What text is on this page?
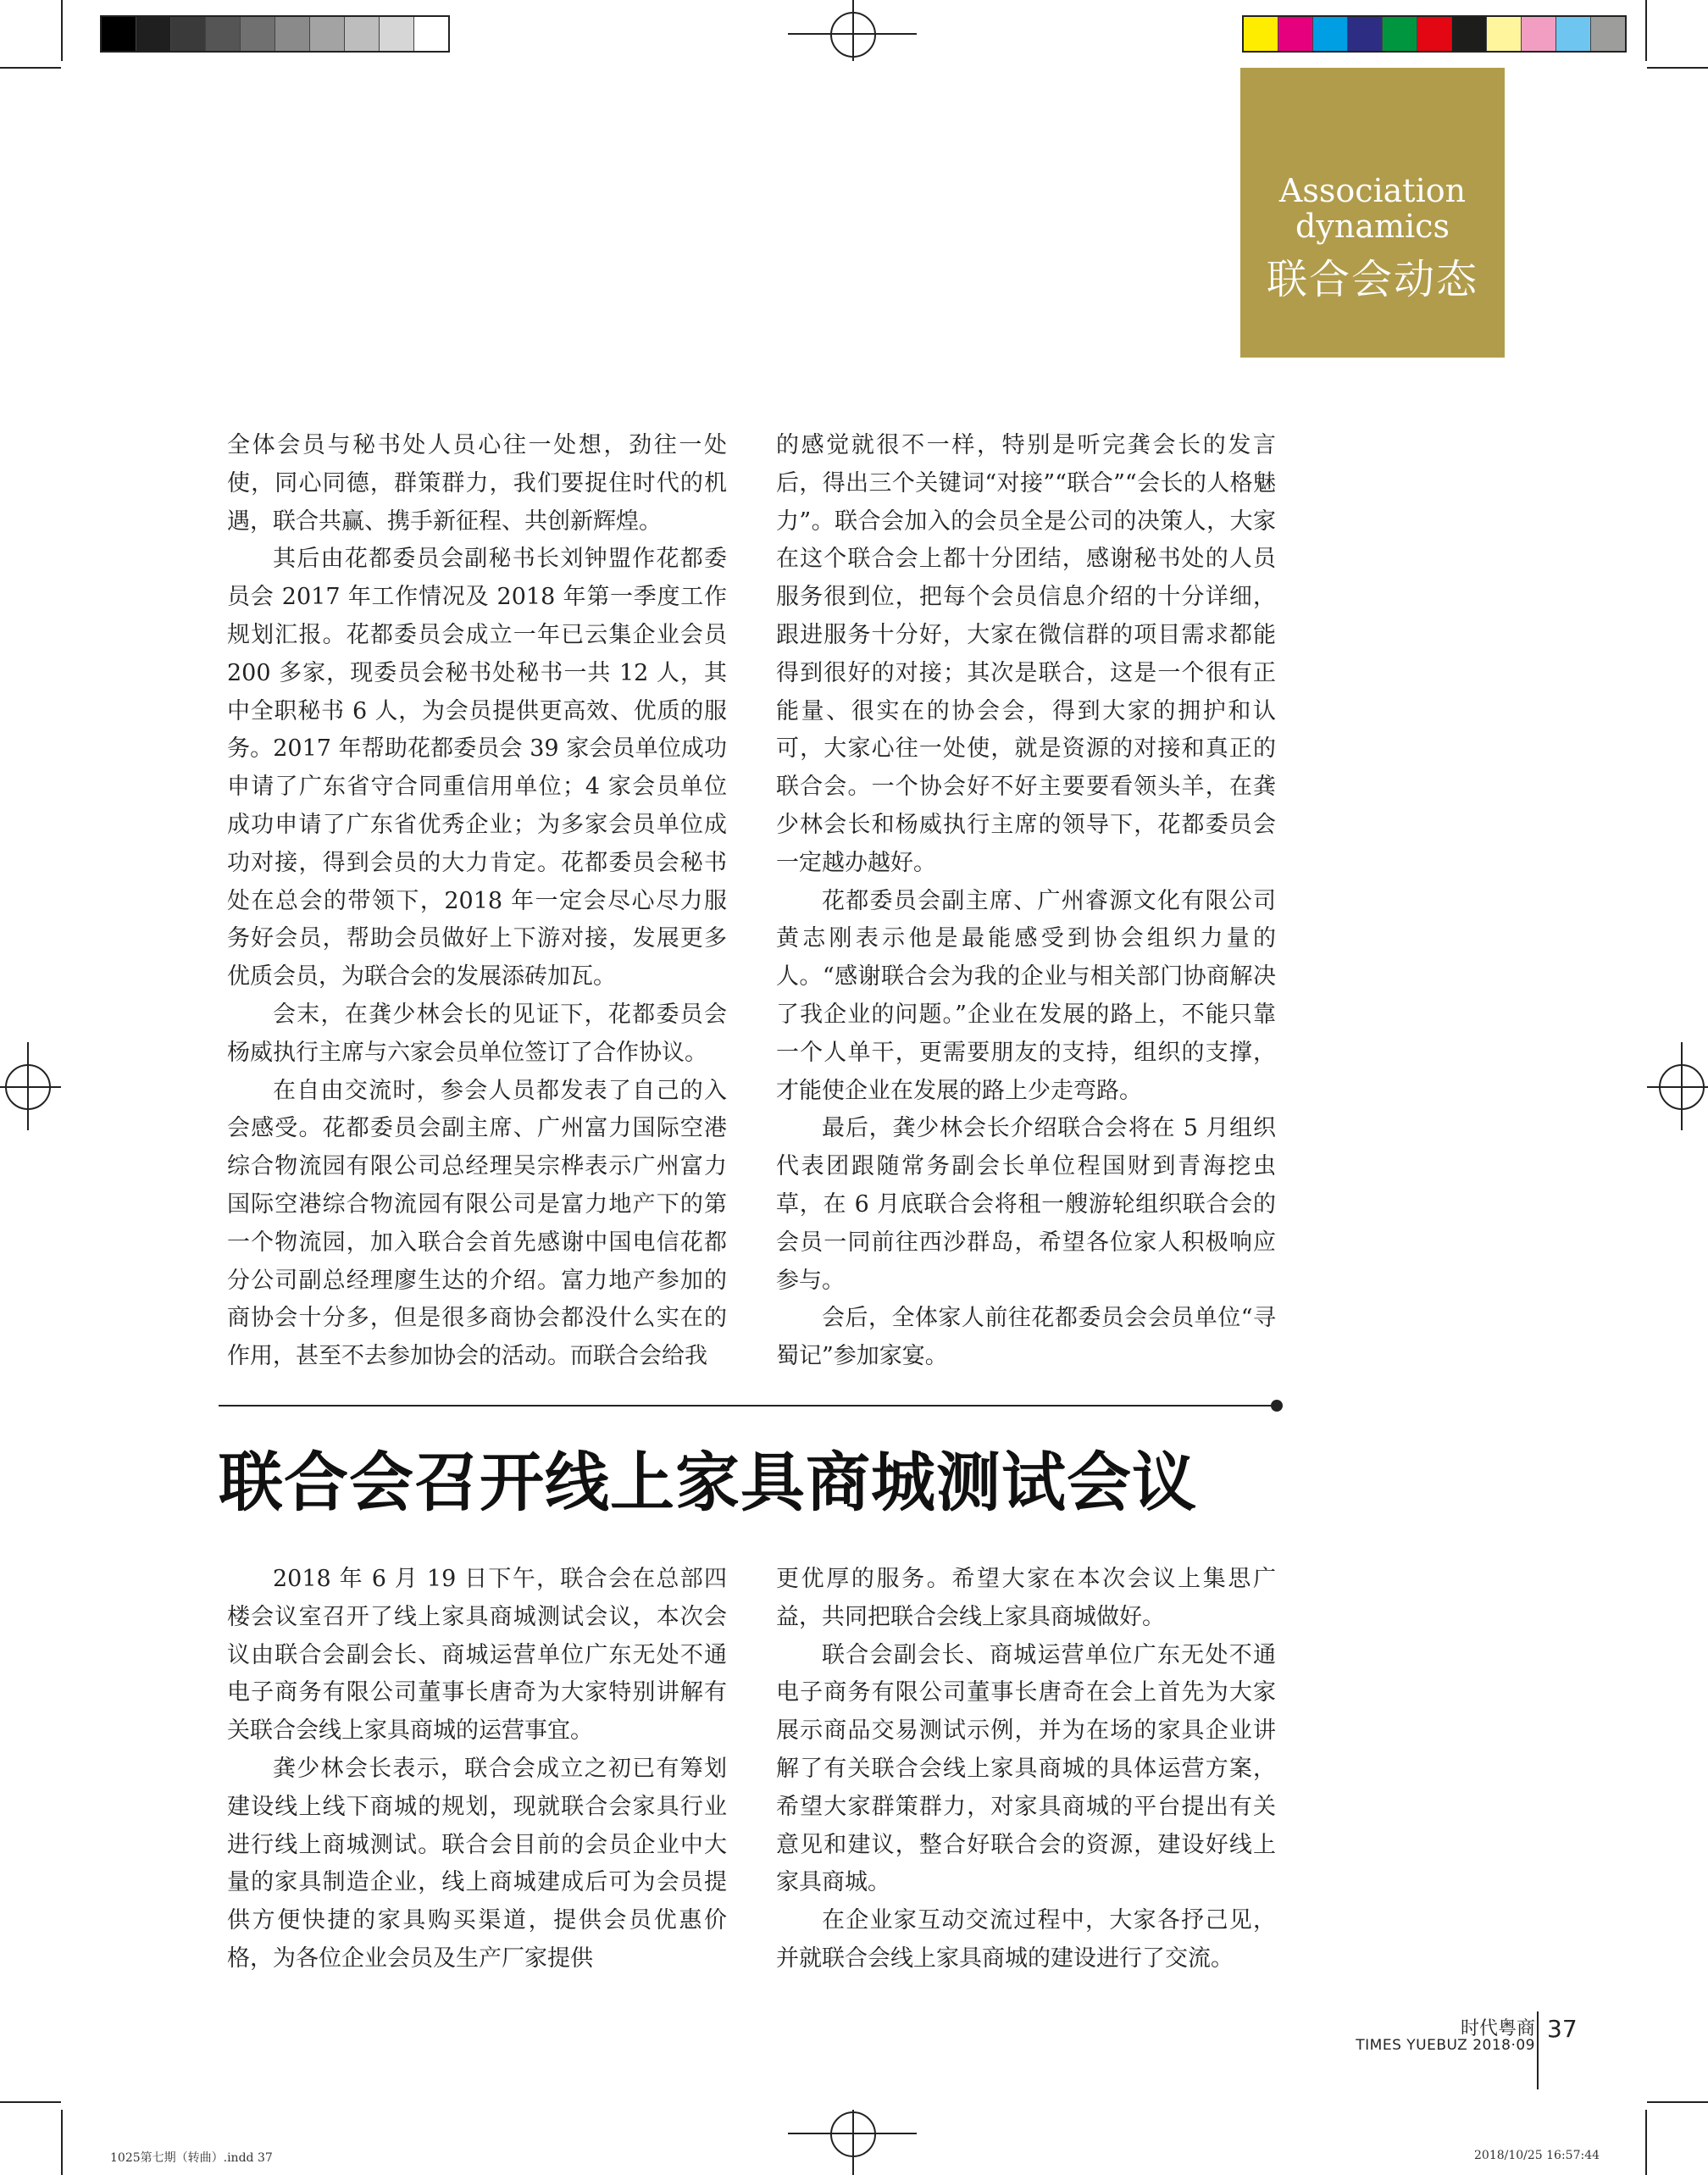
Association
dynamics
联合会动态

全体会员与秘书处人员心往一处想，劲往一处使，同心同德，群策群力，我们要捉住时代的机遇，联合共赢、携手新征程、共创新辉煌。

其后由花都委员会副秘书长刘钟盟作花都委员会 2017 年工作情况及 2018 年第一季度工作规划汇报。花都委员会成立一年已云集企业会员 200 多家，现委员会秘书处秘书一共 12 人，其中全职秘书 6 人，为会员提供更高效、优质的服务。2017 年帮助花都委员会 39 家会员单位成功申请了广东省守合同重信用单位；4 家会员单位成功申请了广东省优秀企业；为多家会员单位成功对接，得到会员的大力肯定。花都委员会秘书处在总会的带领下，2018 年一定会尽心尽力服务好会员，帮助会员做好上下游对接，发展更多优质会员，为联合会的发展添砖加瓦。

会末，在龚少林会长的见证下，花都委员会杨威执行主席与六家会员单位签订了合作协议。

在自由交流时，参会人员都发表了自己的入会感受。花都委员会副主席、广州富力国际空港综合物流园有限公司总经理吴宗桦表示广州富力国际空港综合物流园有限公司是富力地产下的第一个物流园，加入联合会首先感谢中国电信花都分公司副总经理廖生达的介绍。富力地产参加的商协会十分多，但是很多商协会都没什么实在的作用，甚至不去参加协会的活动。而联合会给我

的感觉就很不一样，特别是听完龚会长的发言后，得出三个关键词“对接”“联合”“会长的人格魅力”。联合会加入的会员全是公司的决策人，大家在这个联合会上都十分团结，感谢秘书处的人员服务很到位，把每个会员信息介绍的十分详细，跟进服务十分好，大家在微信群的项目需求都能得到很好的对接；其次是联合，这是一个很有正能量、很实在的协会会，得到大家的拥护和认可，大家心往一处使，就是资源的对接和真正的联合会。一个协会好不好主要要看领头羊，在龚少林会长和杨威执行主席的领导下，花都委员会一定越办越好。

花都委员会副主席、广州睿源文化有限公司黄志刚表示他是最能感受到协会组织力量的人。“感谢联合会为我的企业与相关部门协商解决了我企业的问题。”企业在发展的路上，不能只靠一个人单干，更需要朋友的支持，组织的支撑，才能使企业在发展的路上少走弯路。

最后，龚少林会长介绍联合会将在 5 月组织代表团跟随常务副会长单位程国财到青海挖虫草，在 6 月底联合会将租一艘游轮组织联合会的会员一同前往西沙群岛，希望各位家人积极响应参与。

会后，全体家人前往花都委员会会员单位“寻蜀记”参加家宴。

联合会召开线上家具商城测试会议

2018 年 6 月 19 日下午，联合会在总部四楼会议室召开了线上家具商城测试会议，本次会议由联合会副会长、商城运营单位广东无处不通电子商务有限公司董事长唐奇为大家特别讲解有关联合会线上家具商城的运营事宜。

龚少林会长表示，联合会成立之初已有筹划建设线上线下商城的规划，现就联合会家具行业进行线上商城测试。联合会目前的会员企业中大量的家具制造企业，线上商城建成后可为会员提供方便快捷的家具购买渠道，提供会员优惠价格，为各位企业会员及生产厂家提供

更优厚的服务。希望大家在本次会议上集思广益，共同把联合会线上家具商城做好。

联合会副会长、商城运营单位广东无处不通电子商务有限公司董事长唐奇在会上首先为大家展示商品交易测试示例，并为在场的家具企业讲解了有关联合会线上家具商城的具体运营方案，希望大家群策群力，对家具商城的平台提出有关意见和建议，整合好联合会的资源，建设好线上家具商城。

在企业家互动交流过程中，大家各抒己见，并就联合会线上家具商城的建设进行了交流。

时代粤商
TIMES YUEBUZ 2018·09
37
1025第七期（转曲）.indd 37	2018/10/25 16:57:44
